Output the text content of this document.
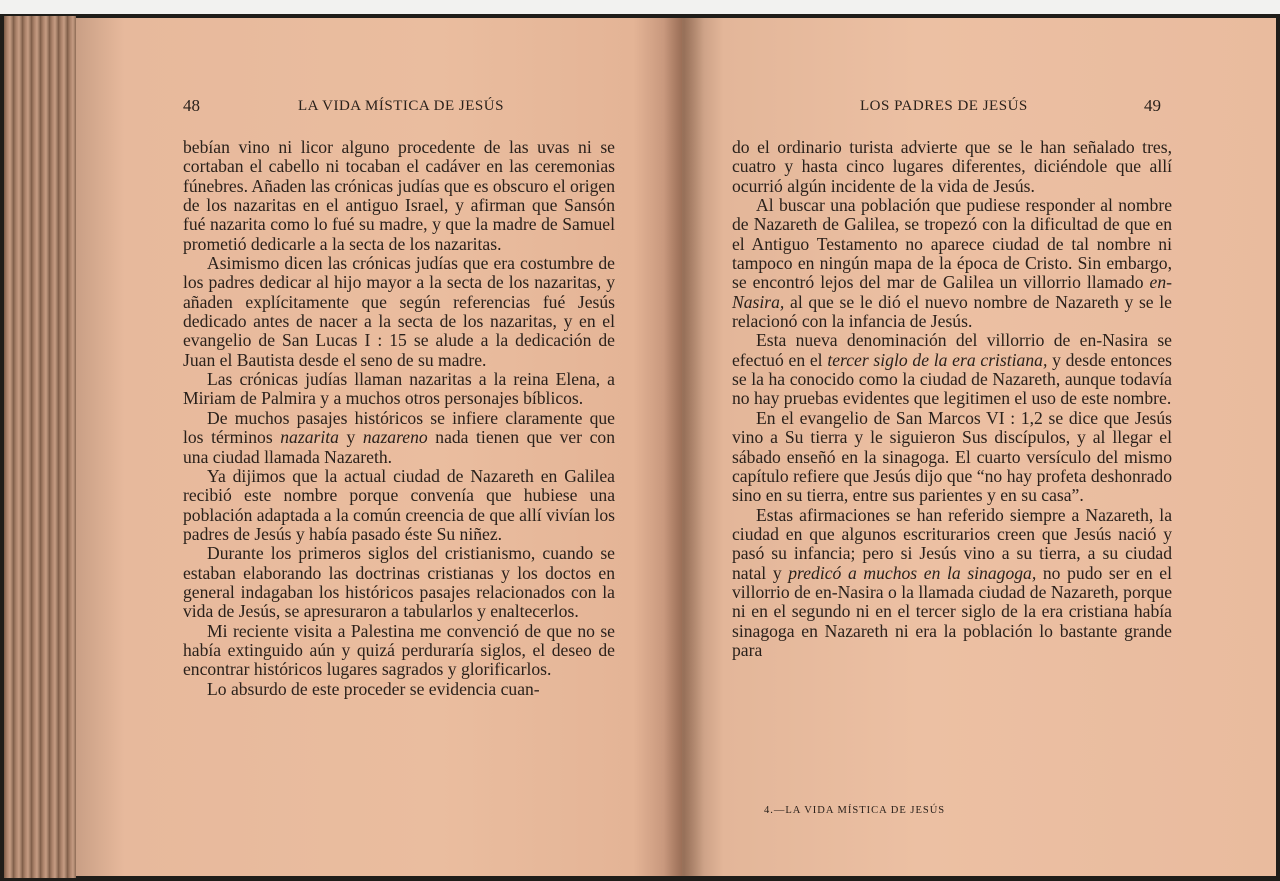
48	LA VIDA MÍSTICA DE JESÚS

bebían vino ni licor alguno procedente de las uvas ni se cortaban el cabello ni tocaban el cadáver en las ceremonias fúnebres. Añaden las crónicas judías que es obscuro el origen de los nazaritas en el antiguo Israel, y afirman que Sansón fué nazarita como lo fué su madre, y que la madre de Samuel prometió dedicarle a la secta de los nazaritas.

Asimismo dicen las crónicas judías que era costumbre de los padres dedicar al hijo mayor a la secta de los nazaritas, y añaden explícitamente que según referencias fué Jesús dedicado antes de nacer a la secta de los nazaritas, y en el evangelio de San Lucas I : 15 se alude a la dedicación de Juan el Bautista desde el seno de su madre.

Las crónicas judías llaman nazaritas a la reina Elena, a Miriam de Palmira y a muchos otros personajes bíblicos.

De muchos pasajes históricos se infiere claramente que los términos nazarita y nazareno nada tienen que ver con una ciudad llamada Nazareth.

Ya dijimos que la actual ciudad de Nazareth en Galilea recibió este nombre porque convenía que hubiese una población adaptada a la común creencia de que allí vivían los padres de Jesús y había pasado éste Su niñez.

Durante los primeros siglos del cristianismo, cuando se estaban elaborando las doctrinas cristianas y los doctos en general indagaban los históricos pasajes relacionados con la vida de Jesús, se apresuraron a tabularlos y enaltecerlos.

Mi reciente visita a Palestina me convenció de que no se había extinguido aún y quizá perduraría siglos, el deseo de encontrar históricos lugares sagrados y glorificarlos.

Lo absurdo de este proceder se evidencia cuan-

LOS PADRES DE JESÚS	49

do el ordinario turista advierte que se le han señalado tres, cuatro y hasta cinco lugares diferentes, diciéndole que allí ocurrió algún incidente de la vida de Jesús.

Al buscar una población que pudiese responder al nombre de Nazareth de Galilea, se tropezó con la dificultad de que en el Antiguo Testamento no aparece ciudad de tal nombre ni tampoco en ningún mapa de la época de Cristo. Sin embargo, se encontró lejos del mar de Galilea un villorrio llamado en-Nasira, al que se le dió el nuevo nombre de Nazareth y se le relacionó con la infancia de Jesús.

Esta nueva denominación del villorrio de en-Nasira se efectuó en el tercer siglo de la era cristiana, y desde entonces se la ha conocido como la ciudad de Nazareth, aunque todavía no hay pruebas evidentes que legitimen el uso de este nombre.

En el evangelio de San Marcos VI : 1,2 se dice que Jesús vino a Su tierra y le siguieron Sus discípulos, y al llegar el sábado enseñó en la sinagoga. El cuarto versículo del mismo capítulo refiere que Jesús dijo que “no hay profeta deshonrado sino en su tierra, entre sus parientes y en su casa”.

Estas afirmaciones se han referido siempre a Nazareth, la ciudad en que algunos escriturarios creen que Jesús nació y pasó su infancia; pero si Jesús vino a su tierra, a su ciudad natal y predicó a muchos en la sinagoga, no pudo ser en el villorrio de en-Nasira o la llamada ciudad de Nazareth, porque ni en el segundo ni en el tercer siglo de la era cristiana había sinagoga en Nazareth ni era la población lo bastante grande para

4.—LA VIDA MÍSTICA DE JESÚS
